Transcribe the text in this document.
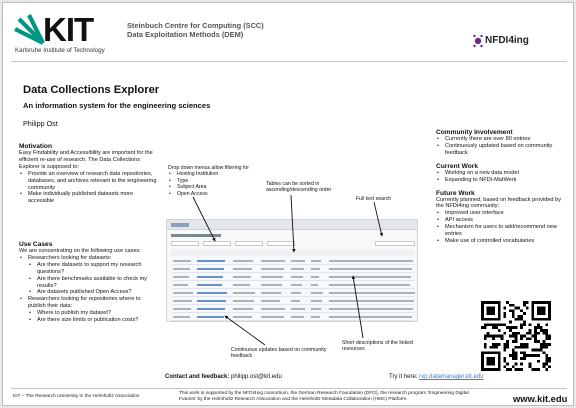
KIT
Karlsruhe Institute of Technology
Steinbuch Centre for Computing (SCC)
Data Exploitation Methods (DEM)
NFDI4ing
Data Collections Explorer
An information system for the engineering sciences
Philipp Ost
Motivation
Easy Findability and Accessibility are important for the efficient re-use of research. The Data Collections Explorer is supposed to:
• Provide an overview of research data repositories, databases, and archives relevant to the engineering community
• Make individually published datasets more accessible
Use Cases
We are concentrating on the following use cases:
• Researchers looking for datasets:
• Are there datasets to support my research questions?
• Are there benchmarks available to check my results?
• Are datasets published Open Access?
• Researchers looking for repositories where to publish their data:
• Where to publish my dataset?
• Are there size limits or publication costs?
Community Involvement
• Currently there are over 80 entries
• Continuously updated based on community feedback
Current Work
• Working on a new data model
• Expanding to NFDI-MatWerk
Future Work
Currently planned, based on feedback provided by the NFDI4ing community:
• Improved user interface
• API access
• Mechanism for users to add/recommend new entries
• Make use of controlled vocabularies
Drop down menus allow filtering for
• Hosting Institution
• Type
• Subject Area
• Open Access
Tables can be sorted in ascending/descending order
Full text search
Continuous updates based on community feedback
Short descriptions of the linked resources
Contact and feedback: philipp.ost@kit.edu	Try it here: rxp.datamanager.kit.edu
KIT – The Research University in the Helmholtz Association
This work is supported by the NFDI4ing consortium, the German Research Foundation (DFG), the research program 'Engineering Digital Futures' by the Helmholtz Research Association and the Helmholtz Metadata Collaboration (HMC) Platform.	www.kit.edu
